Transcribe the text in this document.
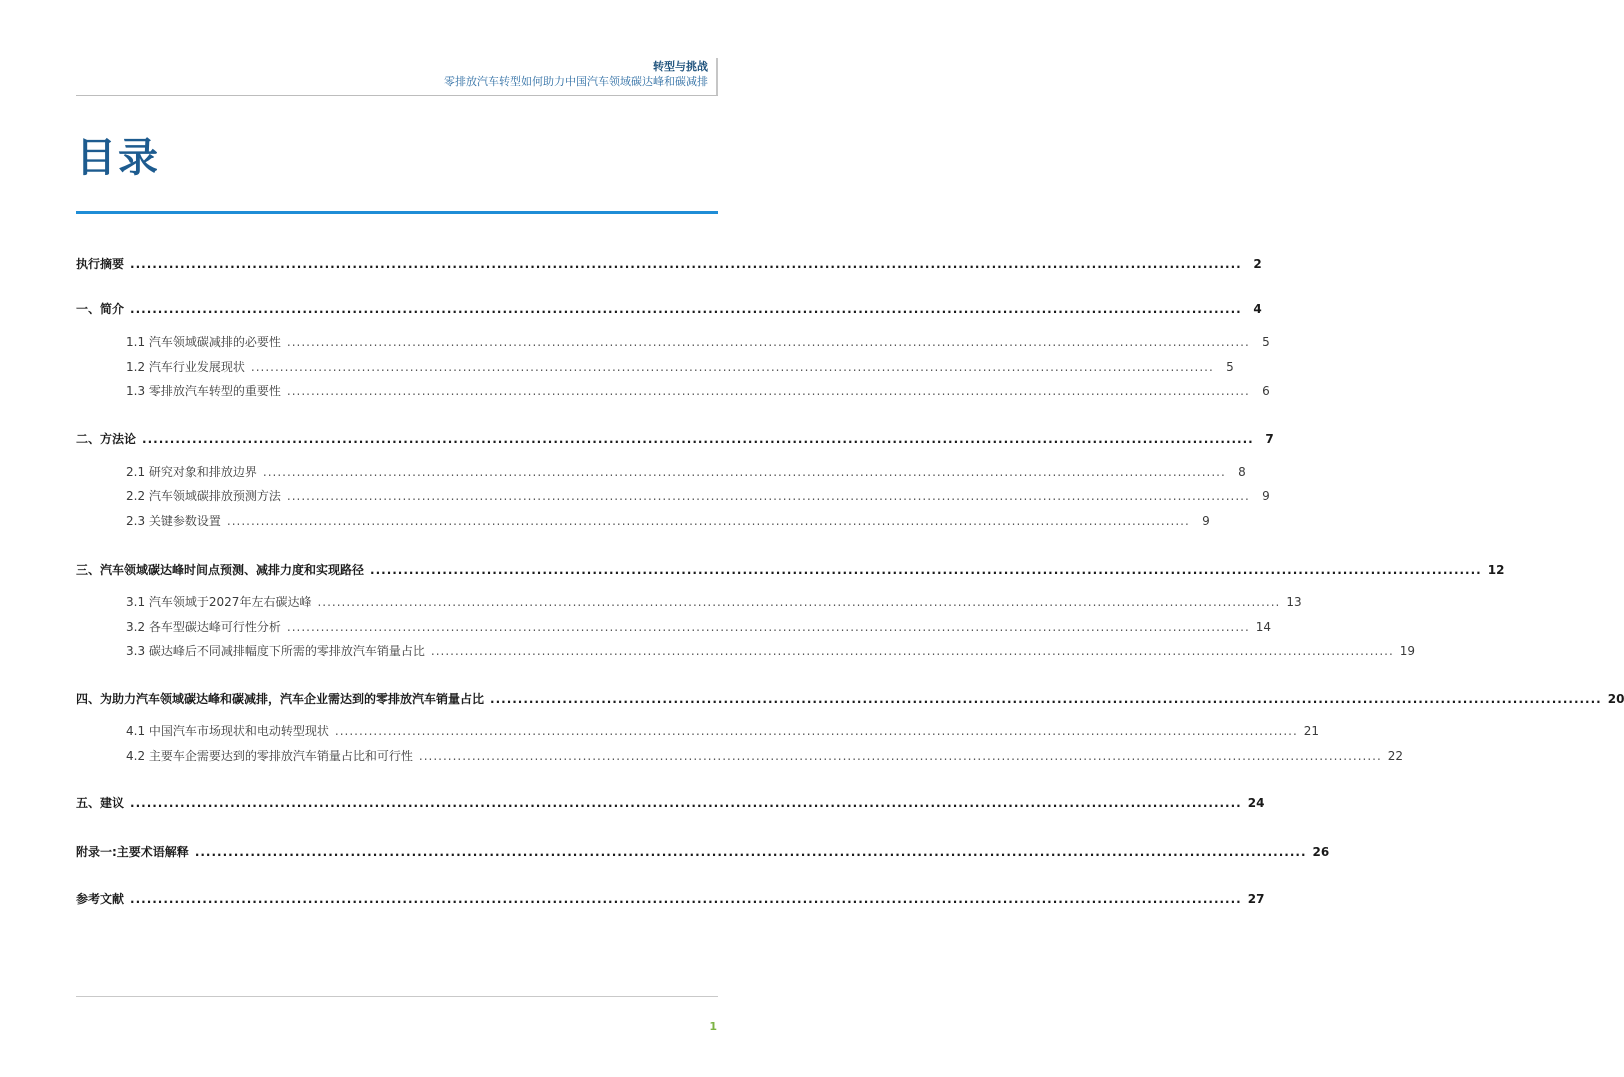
转型与挑战
零排放汽车转型如何助力中国汽车领域碳达峰和碳减排
目录
执行摘要 ........................................................................................................................................................................................................ 2
一、简介 ........................................................................................................................................................................................................ 4
1.1 汽车领域碳减排的必要性 ........................................................................................................................................................................................................	5
1.2 汽车行业发展现状 ........................................................................................................................................................................................................	5
1.3 零排放汽车转型的重要性 ........................................................................................................................................................................................................	6
二、方法论 ........................................................................................................................................................................................................ 7
2.1 研究对象和排放边界 ........................................................................................................................................................................................................	8
2.2 汽车领域碳排放预测方法 ........................................................................................................................................................................................................	9
2.3 关键参数设置 ........................................................................................................................................................................................................	9
三、汽车领域碳达峰时间点预测、减排力度和实现路径 ........................................................................................................................................................................................................ 12
3.1 汽车领域于2027年左右碳达峰 ........................................................................................................................................................................................................ 13
3.2 各车型碳达峰可行性分析 ........................................................................................................................................................................................................ 14
3.3 碳达峰后不同减排幅度下所需的零排放汽车销量占比 ........................................................................................................................................................................................................ 19
四、为助力汽车领域碳达峰和碳减排，汽车企业需达到的零排放汽车销量占比 ........................................................................................................................................................................................................ 20
4.1 中国汽车市场现状和电动转型现状 ........................................................................................................................................................................................................ 21
4.2 主要车企需要达到的零排放汽车销量占比和可行性 ........................................................................................................................................................................................................ 22
五、建议 ........................................................................................................................................................................................................ 24
附录一:主要术语解释 ........................................................................................................................................................................................................ 26
参考文献 ........................................................................................................................................................................................................ 27
1
